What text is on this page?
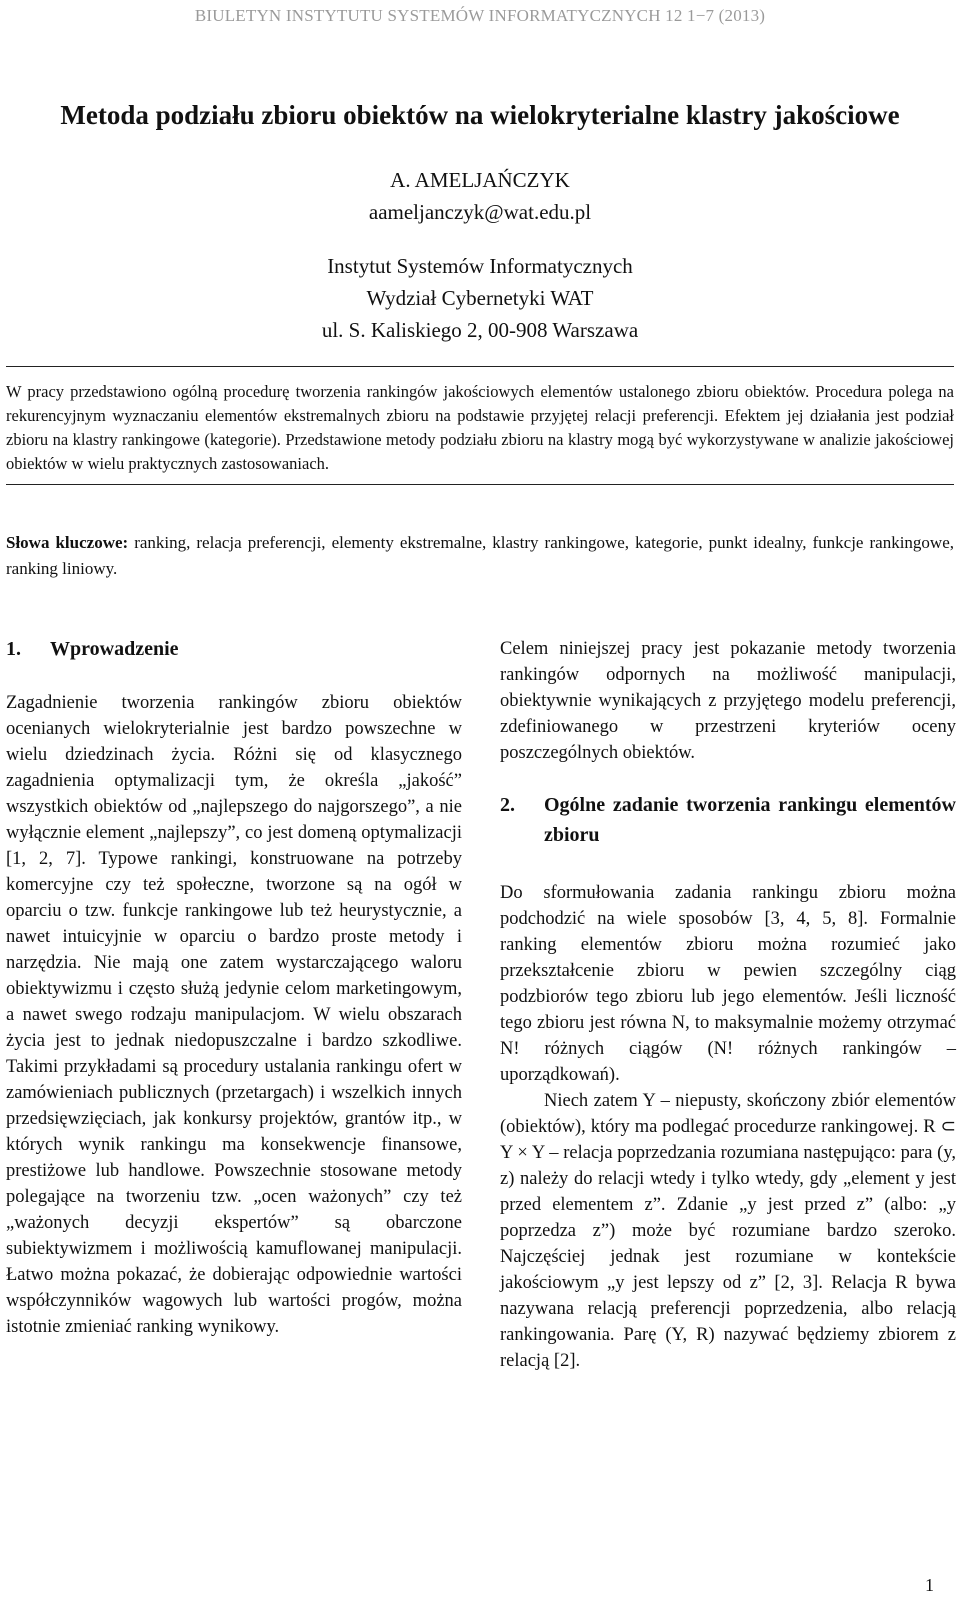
BIULETYN INSTYTUTU SYSTEMÓW INFORMATYCZNYCH 12 1−7 (2013)
Metoda podziału zbioru obiektów na wielokryterialne klastry jakościowe
A. AMELJAŃCZYK
aameljanczyk@wat.edu.pl
Instytut Systemów Informatycznych
Wydział Cybernetyki WAT
ul. S. Kaliskiego 2, 00-908 Warszawa
W pracy przedstawiono ogólną procedurę tworzenia rankingów jakościowych elementów ustalonego zbioru obiektów. Procedura polega na rekurencyjnym wyznaczaniu elementów ekstremalnych zbioru na podstawie przyjętej relacji preferencji. Efektem jej działania jest podział zbioru na klastry rankingowe (kategorie). Przedstawione metody podziału zbioru na klastry mogą być wykorzystywane w analizie jakościowej obiektów w wielu praktycznych zastosowaniach.
Słowa kluczowe: ranking, relacja preferencji, elementy ekstremalne, klastry rankingowe, kategorie, punkt idealny, funkcje rankingowe, ranking liniowy.
1.	Wprowadzenie

Zagadnienie tworzenia rankingów zbioru obiektów ocenianych wielokryterialnie jest bardzo powszechne w wielu dziedzinach życia. Różni się od klasycznego zagadnienia optymalizacji tym, że określa „jakość” wszystkich obiektów od „najlepszego do najgorszego”, a nie wyłącznie element „najlepszy”, co jest domeną optymalizacji [1, 2, 7]. Typowe rankingi, konstruowane na potrzeby komercyjne czy też społeczne, tworzone są na ogół w oparciu o tzw. funkcje rankingowe lub też heurystycznie, a nawet intuicyjnie w oparciu o bardzo proste metody i narzędzia. Nie mają one zatem wystarczającego waloru obiektywizmu i często służą jedynie celom marketingowym, a nawet swego rodzaju manipulacjom. W wielu obszarach życia jest to jednak niedopuszczalne i bardzo szkodliwe. Takimi przykładami są procedury ustalania rankingu ofert w zamówieniach publicznych (przetargach) i wszelkich innych przedsięwzięciach, jak konkursy projektów, grantów itp., w których wynik rankingu ma konsekwencje finansowe, prestiżowe lub handlowe. Powszechnie stosowane metody polegające na tworzeniu tzw. „ocen ważonych” czy też „ważonych decyzji ekspertów” są obarczone subiektywizmem i możliwością kamuflowanej manipulacji. Łatwo można pokazać, że dobierając odpowiednie wartości współczynników wagowych lub wartości progów, można istotnie zmieniać ranking wynikowy.

Celem niniejszej pracy jest pokazanie metody tworzenia rankingów odpornych na możliwość manipulacji, obiektywnie wynikających z przyjętego modelu preferencji, zdefiniowanego w przestrzeni kryteriów oceny poszczególnych obiektów.

2.	Ogólne zadanie tworzenia rankingu elementów zbioru

Do sformułowania zadania rankingu zbioru można podchodzić na wiele sposobów [3, 4, 5, 8]. Formalnie ranking elementów zbioru można rozumieć jako przekształcenie zbioru w pewien szczególny ciąg podzbiorów tego zbioru lub jego elementów. Jeśli liczność tego zbioru jest równa N, to maksymalnie możemy otrzymać N! różnych ciągów (N! różnych rankingów – uporządkowań).

Niech zatem Y – niepusty, skończony zbiór elementów (obiektów), który ma podlegać procedurze rankingowej. R ⊂ Y × Y – relacja poprzedzania rozumiana następująco: para (y, z) należy do relacji wtedy i tylko wtedy, gdy „element y jest przed elementem z”. Zdanie „y jest przed z” (albo: „y poprzedza z”) może być rozumiane bardzo szeroko. Najczęściej jednak jest rozumiane w kontekście jakościowym „y jest lepszy od z” [2, 3]. Relacja R bywa nazywana relacją preferencji poprzedzenia, albo relacją rankingowania. Parę (Y, R) nazywać będziemy zbiorem z relacją [2].

1
